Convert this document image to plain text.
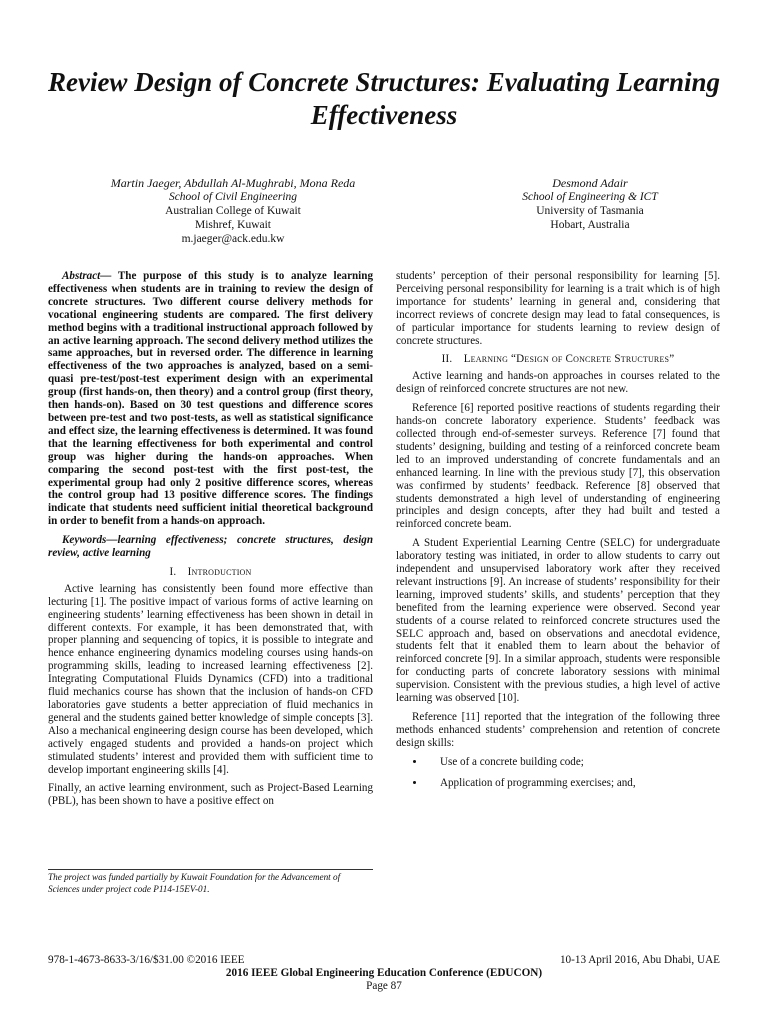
Review Design of Concrete Structures: Evaluating Learning Effectiveness
Martin Jaeger, Abdullah Al-Mughrabi, Mona Reda
School of Civil Engineering
Australian College of Kuwait
Mishref, Kuwait
m.jaeger@ack.edu.kw
Desmond Adair
School of Engineering & ICT
University of Tasmania
Hobart, Australia

Abstract— The purpose of this study is to analyze learning effectiveness when students are in training to review the design of concrete structures. Two different course delivery methods for vocational engineering students are compared. The first delivery method begins with a traditional instructional approach followed by an active learning approach. The second delivery method utilizes the same approaches, but in reversed order. The difference in learning effectiveness of the two approaches is analyzed, based on a semi-quasi pre-test/post-test experiment design with an experimental group (first hands-on, then theory) and a control group (first theory, then hands-on). Based on 30 test questions and difference scores between pre-test and two post-tests, as well as statistical significance and effect size, the learning effectiveness is determined. It was found that the learning effectiveness for both experimental and control group was higher during the hands-on approaches. When comparing the second post-test with the first post-test, the experimental group had only 2 positive difference scores, whereas the control group had 13 positive difference scores. The findings indicate that students need sufficient initial theoretical background in order to benefit from a hands-on approach.

Keywords—learning effectiveness; concrete structures, design review, active learning

I. Introduction

Active learning has consistently been found more effective than lecturing [1]. The positive impact of various forms of active learning on engineering students’ learning effectiveness has been shown in detail in different contexts. For example, it has been demonstrated that, with proper planning and sequencing of topics, it is possible to integrate and hence enhance engineering dynamics modeling courses using hands-on programming skills, leading to increased learning effectiveness [2]. Integrating Computational Fluids Dynamics (CFD) into a traditional fluid mechanics course has shown that the inclusion of hands-on CFD laboratories gave students a better appreciation of fluid mechanics in general and the students gained better knowledge of simple concepts [3]. Also a mechanical engineering design course has been developed, which actively engaged students and provided a hands-on project which stimulated students’ interest and provided them with sufficient time to develop important engineering skills [4].

Finally, an active learning environment, such as Project-Based Learning (PBL), has been shown to have a positive effect on

students’ perception of their personal responsibility for learning [5]. Perceiving personal responsibility for learning is a trait which is of high importance for students’ learning in general and, considering that incorrect reviews of concrete design may lead to fatal consequences, is of particular importance for students learning to review design of concrete structures.

II. Learning “Design of Concrete Structures”

Active learning and hands-on approaches in courses related to the design of reinforced concrete structures are not new.

Reference [6] reported positive reactions of students regarding their hands-on concrete laboratory experience. Students’ feedback was collected through end-of-semester surveys. Reference [7] found that students’ designing, building and testing of a reinforced concrete beam led to an improved understanding of concrete fundamentals and an enhanced learning. In line with the previous study [7], this observation was confirmed by students’ feedback. Reference [8] observed that students demonstrated a high level of understanding of engineering principles and design concepts, after they had built and tested a reinforced concrete beam.

A Student Experiential Learning Centre (SELC) for undergraduate laboratory testing was initiated, in order to allow students to carry out independent and unsupervised laboratory work after they received relevant instructions [9]. An increase of students’ responsibility for their learning, improved students’ skills, and students’ perception that they benefited from the learning experience were observed. Second year students of a course related to reinforced concrete structures used the SELC approach and, based on observations and anecdotal evidence, students felt that it enabled them to learn about the behavior of reinforced concrete [9]. In a similar approach, students were responsible for conducting parts of concrete laboratory sessions with minimal supervision. Consistent with the previous studies, a high level of active learning was observed [10].

Reference [11] reported that the integration of the following three methods enhanced students’ comprehension and retention of concrete design skills:

• Use of a concrete building code;
• Application of programming exercises; and,
The project was funded partially by Kuwait Foundation for the Advancement of Sciences under project code P114-15EV-01.
978-1-4673-8633-3/16/$31.00 ©2016 IEEE	10-13 April 2016, Abu Dhabi, UAE
2016 IEEE Global Engineering Education Conference (EDUCON)
Page 87
